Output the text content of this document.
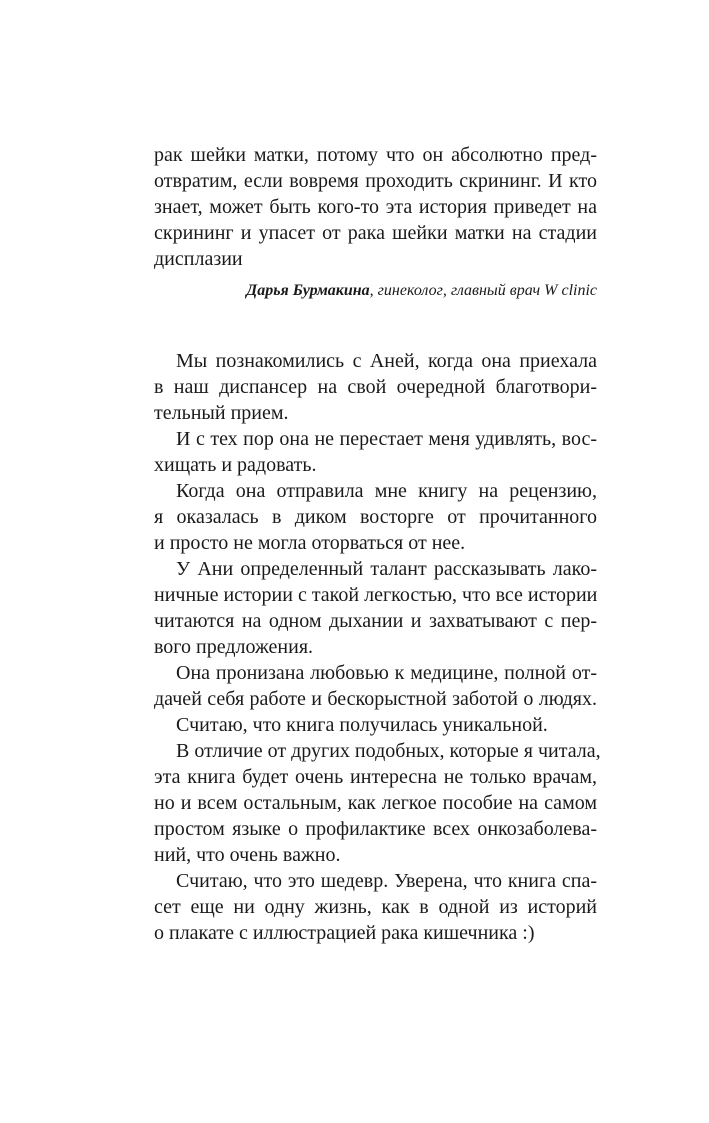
рак шейки матки, потому что он абсолютно пред-
отвратим, если вовремя проходить скрининг. И кто
знает, может быть кого-то эта история приведет на
скрининг и упасет от рака шейки матки на стадии
дисплазии
Дарья Бурмакина, гинеколог, главный врач W clinic
Мы познакомились с Аней, когда она приехала
в наш диспансер на свой очередной благотвори-
тельный прием.
И с тех пор она не перестает меня удивлять, вос-
хищать и радовать.
Когда она отправила мне книгу на рецензию,
я оказалась в диком восторге от прочитанного
и просто не могла оторваться от нее.
У Ани определенный талант рассказывать лако-
ничные истории с такой легкостью, что все истории
читаются на одном дыхании и захватывают с пер-
вого предложения.
Она пронизана любовью к медицине, полной от-
дачей себя работе и бескорыстной заботой о людях.
Считаю, что книга получилась уникальной.
В отличие от других подобных, которые я читала,
эта книга будет очень интересна не только врачам,
но и всем остальным, как легкое пособие на самом
простом языке о профилактике всех онкозаболева-
ний, что очень важно.
Считаю, что это шедевр. Уверена, что книга спа-
сет еще ни одну жизнь, как в одной из историй
о плакате с иллюстрацией рака кишечника :)
